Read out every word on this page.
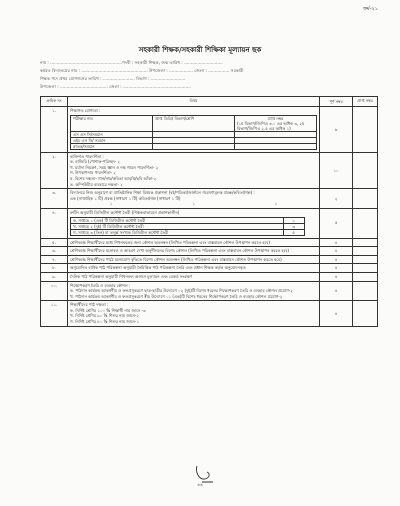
ফর্ম-২১
সহকারী শিক্ষক/সহকারী শিক্ষিকা মূল্যায়ন ছক
নাম : ......................................................পদবী : সহকারী শিক্ষক, জন্ম তারিখ : .............................
কর্মরত বিদ্যালয়ের নাম : .................................................. উপজেলা : .................. জেলা : ................ সরকারী
শিক্ষক পদে প্রথম যোগদানের তারিখ : ........................ বিভাগ : ..........................
উপজেলা : .................................... জেলা : ...................................................
ক্রমিক নং	বিষয়	পূর্ণ নম্বর	প্রাপ্ত নম্বর
১.	শিক্ষাগত যোগ্যতা :
পরীক্ষার নাম	প্রাপ্ত ডিগ্রি/ বিভাগ/শ্রেণি	প্রাপ্ত নম্বর
(১ম বিভাগ/জিপিএ ৩.০ এর অধিক ৩, ২য় বিভাগ/জিপিএ ২.৫ এর অধিক ১)

এস এস সি/সমমান		
এইচ এস সি/ সমমান		
স্নাতক/সমমান		
	৬	
২.	ব্যক্তিগত পারদর্শিতা :
ক. হাজিরি (পোশাক-পরিচ্ছদ- ২
খ. মর্যাদা নিয়ন্ত্রণ, সময় জ্ঞান ও দক্ষ গমনে পারদর্শিতা- ২
গ. উপস্থাপনায় পারদর্শিতা- ২
ঘ. বিশেষ দক্ষতা- গান/নাচ/কবিতা আবৃত্তি/ছবি আঁকা-২
ঙ. কম্পিউটার ব্যবহারে দক্ষতা- ২
	১০	
৩.	বিদ্যালয়ে নিজ অনুরাগে বা প্রাতিষ্ঠানিক শিক্ষা বিষয়ক প্রকাশনা (বই/পত্রিকা/জার্নালে গবেষণামূলক প্রবন্ধ/কবিতা/গল্প) :
এক (সাপ্তাহিক ১ টি) প্রবন্ধ (সাধারণ ১ টি) কবিতা/গল্প (সাধারণ ১ টি)
১	১	১
	২	
৪.	রুটিন অনুযায়ী ডিজিটাল কন্টেন্ট তৈরী (শিক্ষকবাতায়নে প্রকাশকালীন)
ক. সপ্তাহে ১ (এক) টি ডিজিটাল কন্টেন্ট তৈরী	১
খ. সপ্তাহে ২ (দুই) টি ডিজিটাল কন্টেন্ট তৈরী	৩
গ. সপ্তাহে ৩ (তিন) বা তদূর্ধ্ব সংখ্যক ডিজিটাল কন্টেন্ট তৈরী	৫
	৫	
৫.	শ্রেণিকক্ষে শিক্ষার্থীদের মধ্যে শিখনফলের জন্য কৌশল অবলম্বন (লিখিত পরিকল্পনা এবং বাস্তবায়ন কৌশল উপস্থাপন করতে হবে)	৪	
৬.	শ্রেণিকক্ষে শিক্ষার্থীদের মনোবল ও আচরণ দেখা অনুশীলনের বিশেষ কৌশল (লিখিত পরিকল্পনা এবং বাস্তবায়ন কৌশল উপস্থাপন করতে হবে)	৪	
৭.	শ্রেণিকক্ষে শিক্ষার্থীদের পাঠে মনোযোগ বৃদ্ধিতে বিশেষ কৌশল অবলম্বন (লিখিত পরিকল্পনা এবং বাস্তবায়ন কৌশল উপস্থাপন করতে হবে)	৪	
৮.	অনুমোদিত বার্ষিক পাঠ পরিকল্পনা অনুযায়ী নৈমিত্তিক পাঠ পরিকল্পনা তৈরি এবং প্রধান শিক্ষক কর্তৃক অনুমোদনকৃত	৪	
৯.	দৈনিক পাঠ পরিকল্পনা অনুযায়ী শিখনফল অর্জনে মূল্যায়ন এবং রেকর্ড সংরক্ষণ	৪	
১০.	শিক্ষোপকরণ তৈরি ও ব্যবহার কৌশল :
ক. পাঠদান কার্যক্রম আকর্ষণীয় ও ফলপ্রসূকরণে ছাত্র-ছাত্রীর উদ্যোগে ০২ (দুই)টি বিশেষ ধরনের শিক্ষোপকরণ তৈরি ও ব্যবহার কৌশল প্রয়োগ-২
খ. পাঠদান কার্যক্রম আকর্ষণীয় ও ফলপ্রসূকরণে স্বীয় উদ্যোগে ০১ (এক)টি বিশেষ ধরনের শিক্ষোপকরণ তৈরি ও ব্যবহার কৌশল প্রয়োগ-২
	৪	
১১.	শিক্ষার্থীদের পাঠ দক্ষতা :
ক. নির্দিষ্ট শ্রেণির ১০০ % শিক্ষার্থী নাম জানে -৩
খ. নির্দিষ্ট শ্রেণির ৯০ % শিশুর নাম জানে-২
গ. নির্দিষ্ট শ্রেণির ৮০ % শিশুর নাম জানে-১
	৪	
৪৪
